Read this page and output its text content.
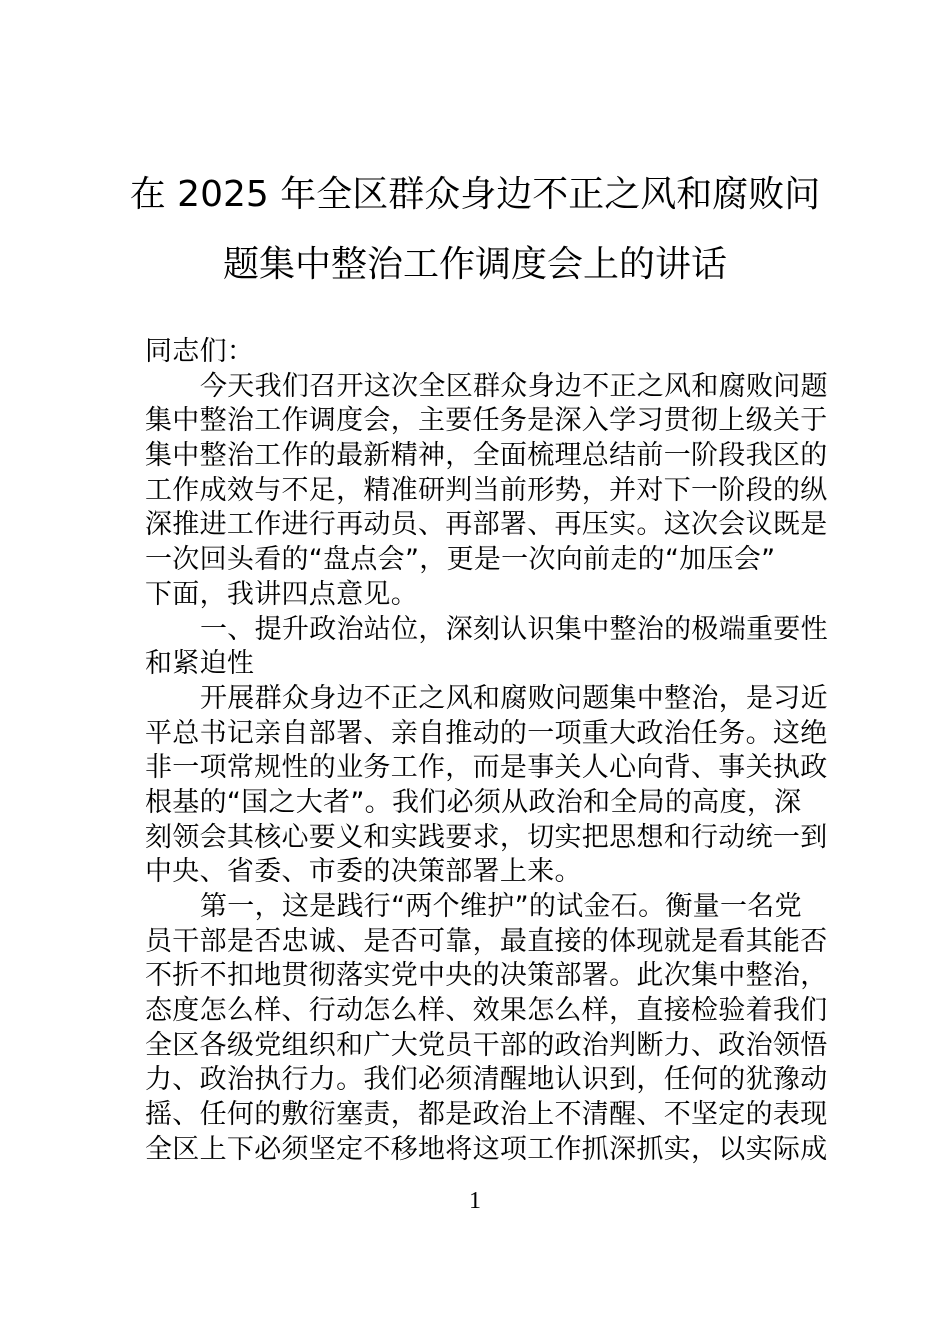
在 2025 年全区群众身边不正之风和腐败问
题集中整治工作调度会上的讲话
同志们：
今天我们召开这次全区群众身边不正之风和腐败问题
集中整治工作调度会，主要任务是深入学习贯彻上级关于
集中整治工作的最新精神，全面梳理总结前一阶段我区的
工作成效与不足，精准研判当前形势，并对下一阶段的纵
深推进工作进行再动员、再部署、再压实。这次会议既是
一次回头看的“盘点会”，更是一次向前走的“加压会”
下面，我讲四点意见。
一、提升政治站位，深刻认识集中整治的极端重要性
和紧迫性
开展群众身边不正之风和腐败问题集中整治，是习近
平总书记亲自部署、亲自推动的一项重大政治任务。这绝
非一项常规性的业务工作，而是事关人心向背、事关执政
根基的“国之大者”。我们必须从政治和全局的高度，深
刻领会其核心要义和实践要求，切实把思想和行动统一到
中央、省委、市委的决策部署上来。
第一，这是践行“两个维护”的试金石。衡量一名党
员干部是否忠诚、是否可靠，最直接的体现就是看其能否
不折不扣地贯彻落实党中央的决策部署。此次集中整治，
态度怎么样、行动怎么样、效果怎么样，直接检验着我们
全区各级党组织和广大党员干部的政治判断力、政治领悟
力、政治执行力。我们必须清醒地认识到，任何的犹豫动
摇、任何的敷衍塞责，都是政治上不清醒、不坚定的表现
全区上下必须坚定不移地将这项工作抓深抓实，以实际成
1
